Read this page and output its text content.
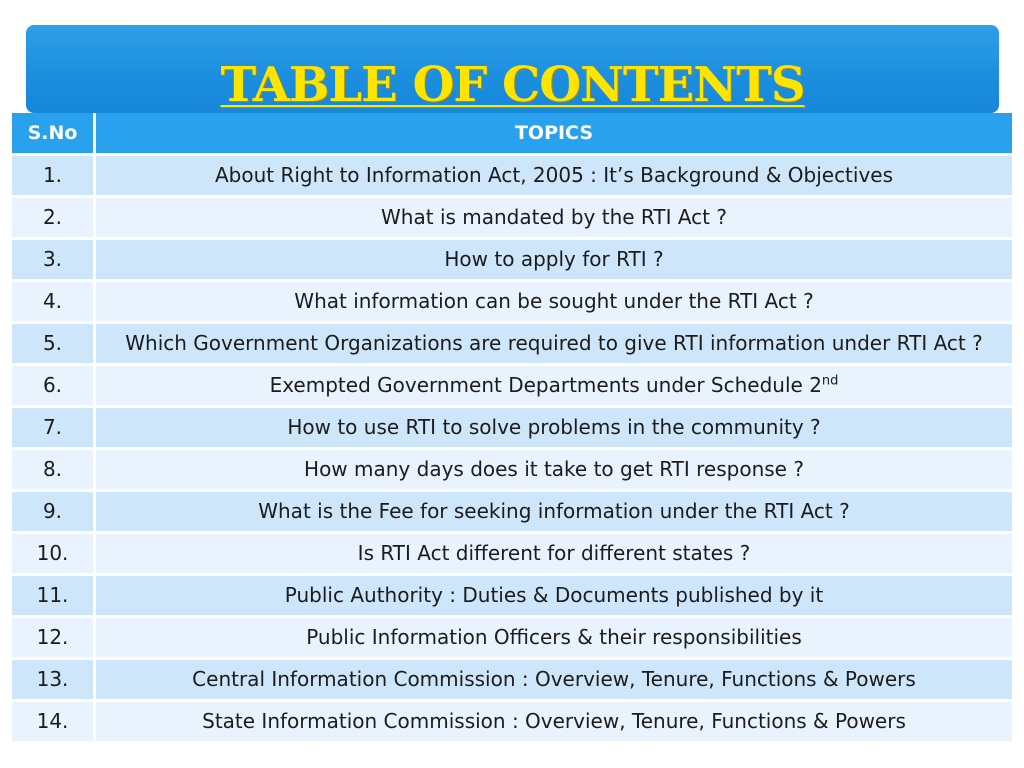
TABLE OF CONTENTS
S.No	TOPICS
1.	About Right to Information Act, 2005 : It’s Background & Objectives
2.	What is mandated by the RTI Act ?
3.	How to apply for RTI ?
4.	What information can be sought under the RTI Act ?
5.	Which Government Organizations are required to give RTI information under RTI Act ?
6.	Exempted Government Departments under Schedule 2nd
7.	How to use RTI to solve problems in the community ?
8.	How many days does it take to get RTI response ?
9.	What is the Fee for seeking information under the RTI Act ?
10.	Is RTI Act different for different states ?
11.	Public Authority : Duties & Documents published by it
12.	Public Information Officers & their responsibilities
13.	Central Information Commission : Overview, Tenure, Functions & Powers
14.	State Information Commission : Overview, Tenure, Functions & Powers
